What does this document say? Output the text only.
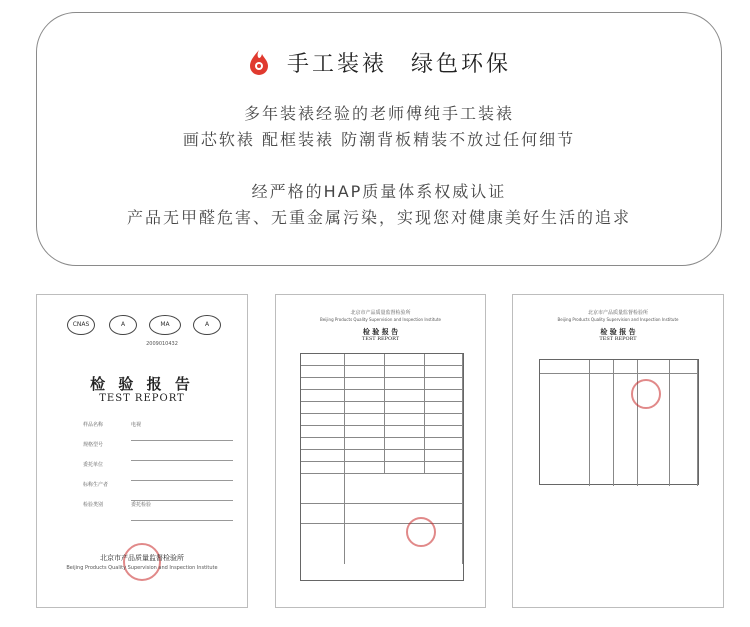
手工装裱 绿色环保
多年装裱经验的老师傅纯手工装裱
画芯软裱 配框装裱 防潮背板精装不放过任何细节
经严格的HAP质量体系权威认证
产品无甲醛危害、无重金属污染，实现您对健康美好生活的追求
CNAS	A	MA	A
2009010432
检 验 报 告
TEST REPORT
样品名称	电视
规格型号
委托单位
标称生产者
检验类别	委托检验
北京市产品质量监督检验所
Beijing Products Quality Supervision and Inspection Institute
北京市产品质量监督检验所
Beijing Products Quality Supervision and Inspection Institute
检 验 报 告
TEST REPORT
北京市产品质量监督检验所
Beijing Products Quality Supervision and Inspection Institute
检 验 报 告
TEST REPORT
